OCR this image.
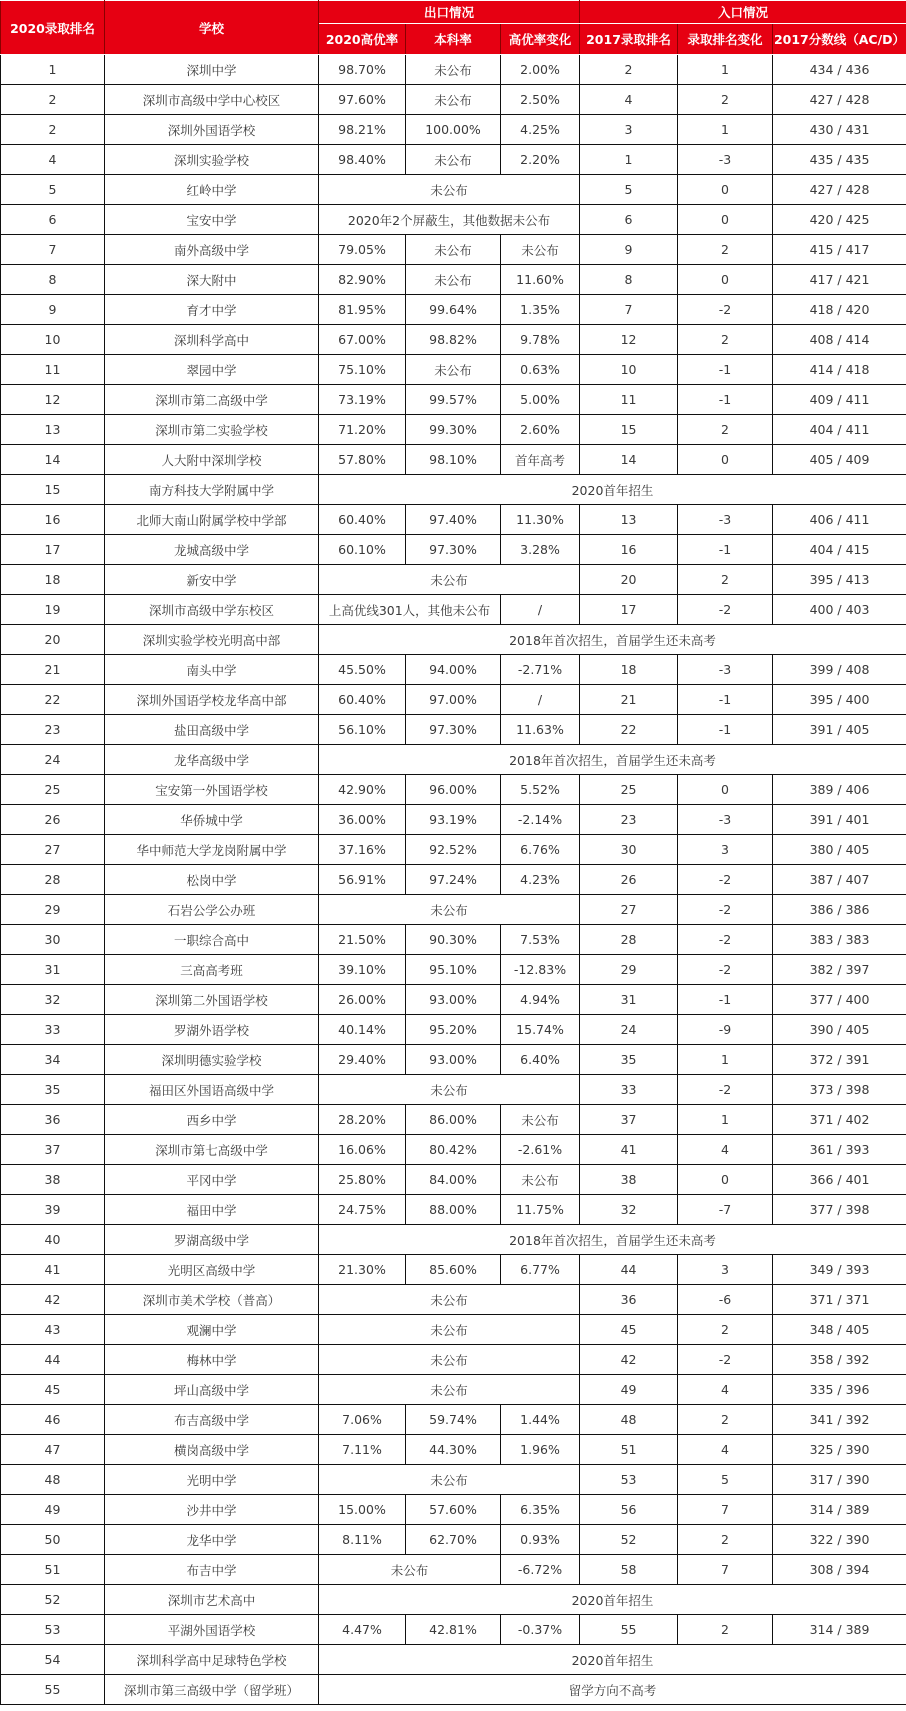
2020录取排名	学校	出口情况			入口情况		
		2020高优率	本科率	高优率变化	2017录取排名	录取排名变化	2017分数线（AC/D）
1	深圳中学	98.70%	未公布	2.00%	2	1	434 / 436
2	深圳市高级中学中心校区	97.60%	未公布	2.50%	4	2	427 / 428
2	深圳外国语学校	98.21%	100.00%	4.25%	3	1	430 / 431
4	深圳实验学校	98.40%	未公布	2.20%	1	-3	435 / 435
5	红岭中学	未公布			5	0	427 / 428
6	宝安中学	2020年2个屏蔽生，其他数据未公布			6	0	420 / 425
7	南外高级中学	79.05%	未公布	未公布	9	2	415 / 417
8	深大附中	82.90%	未公布	11.60%	8	0	417 / 421
9	育才中学	81.95%	99.64%	1.35%	7	-2	418 / 420
10	深圳科学高中	67.00%	98.82%	9.78%	12	2	408 / 414
11	翠园中学	75.10%	未公布	0.63%	10	-1	414 / 418
12	深圳市第二高级中学	73.19%	99.57%	5.00%	11	-1	409 / 411
13	深圳市第二实验学校	71.20%	99.30%	2.60%	15	2	404 / 411
14	人大附中深圳学校	57.80%	98.10%	首年高考	14	0	405 / 409
15	南方科技大学附属中学	2020首年招生					
16	北师大南山附属学校中学部	60.40%	97.40%	11.30%	13	-3	406 / 411
17	龙城高级中学	60.10%	97.30%	3.28%	16	-1	404 / 415
18	新安中学	未公布			20	2	395 / 413
19	深圳市高级中学东校区	上高优线301人，其他未公布		/	17	-2	400 / 403
20	深圳实验学校光明高中部	2018年首次招生，首届学生还未高考					
21	南头中学	45.50%	94.00%	-2.71%	18	-3	399 / 408
22	深圳外国语学校龙华高中部	60.40%	97.00%	/	21	-1	395 / 400
23	盐田高级中学	56.10%	97.30%	11.63%	22	-1	391 / 405
24	龙华高级中学	2018年首次招生，首届学生还未高考					
25	宝安第一外国语学校	42.90%	96.00%	5.52%	25	0	389 / 406
26	华侨城中学	36.00%	93.19%	-2.14%	23	-3	391 / 401
27	华中师范大学龙岗附属中学	37.16%	92.52%	6.76%	30	3	380 / 405
28	松岗中学	56.91%	97.24%	4.23%	26	-2	387 / 407
29	石岩公学公办班	未公布			27	-2	386 / 386
30	一职综合高中	21.50%	90.30%	7.53%	28	-2	383 / 383
31	三高高考班	39.10%	95.10%	-12.83%	29	-2	382 / 397
32	深圳第二外国语学校	26.00%	93.00%	4.94%	31	-1	377 / 400
33	罗湖外语学校	40.14%	95.20%	15.74%	24	-9	390 / 405
34	深圳明德实验学校	29.40%	93.00%	6.40%	35	1	372 / 391
35	福田区外国语高级中学	未公布			33	-2	373 / 398
36	西乡中学	28.20%	86.00%	未公布	37	1	371 / 402
37	深圳市第七高级中学	16.06%	80.42%	-2.61%	41	4	361 / 393
38	平冈中学	25.80%	84.00%	未公布	38	0	366 / 401
39	福田中学	24.75%	88.00%	11.75%	32	-7	377 / 398
40	罗湖高级中学	2018年首次招生，首届学生还未高考					
41	光明区高级中学	21.30%	85.60%	6.77%	44	3	349 / 393
42	深圳市美术学校（普高）	未公布			36	-6	371 / 371
43	观澜中学	未公布			45	2	348 / 405
44	梅林中学	未公布			42	-2	358 / 392
45	坪山高级中学	未公布			49	4	335 / 396
46	布吉高级中学	7.06%	59.74%	1.44%	48	2	341 / 392
47	横岗高级中学	7.11%	44.30%	1.96%	51	4	325 / 390
48	光明中学	未公布			53	5	317 / 390
49	沙井中学	15.00%	57.60%	6.35%	56	7	314 / 389
50	龙华中学	8.11%	62.70%	0.93%	52	2	322 / 390
51	布吉中学	未公布		-6.72%	58	7	308 / 394
52	深圳市艺术高中	2020首年招生					
53	平湖外国语学校	4.47%	42.81%	-0.37%	55	2	314 / 389
54	深圳科学高中足球特色学校	2020首年招生					
55	深圳市第三高级中学（留学班）	留学方向不高考					
